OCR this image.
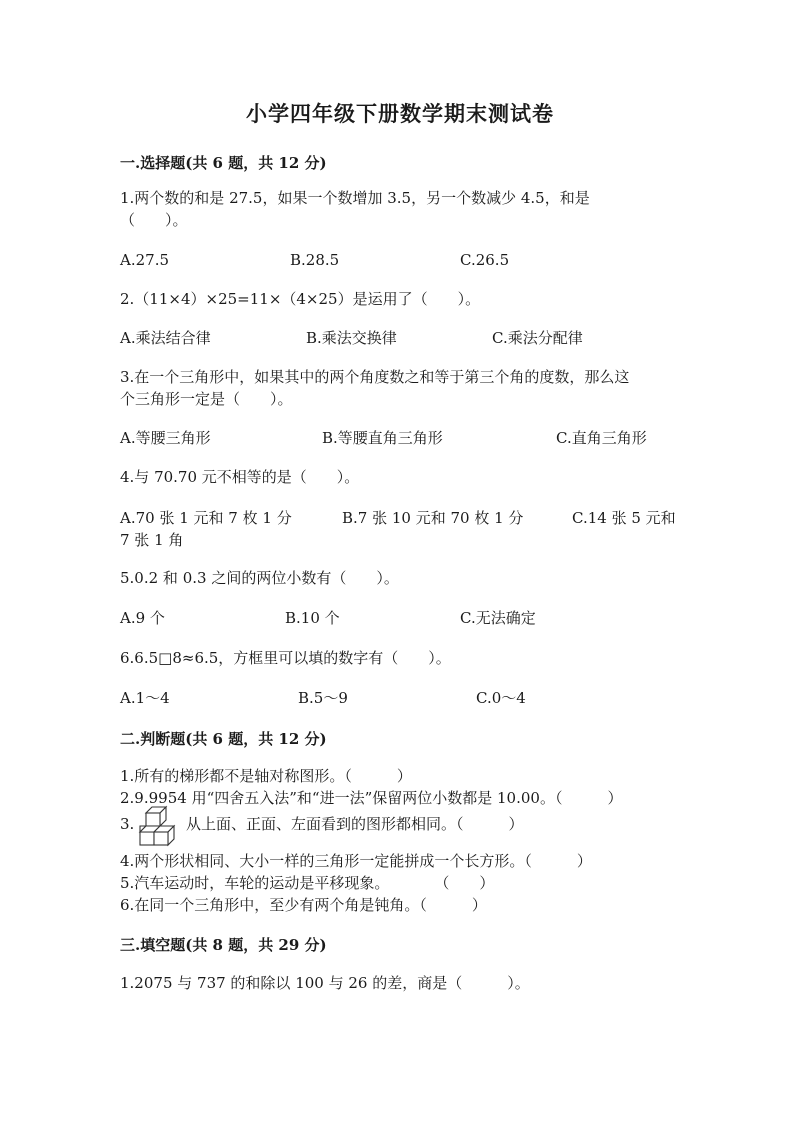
小学四年级下册数学期末测试卷
一.选择题(共 6 题，共 12 分)
1.两个数的和是 27.5，如果一个数增加 3.5，另一个数减少 4.5，和是
（　　）。
A.27.5	B.28.5	C.26.5
2.（11×4）×25=11×（4×25）是运用了（　　）。
A.乘法结合律	B.乘法交换律	C.乘法分配律
3.在一个三角形中，如果其中的两个角度数之和等于第三个角的度数，那么这
个三角形一定是（　　）。
A.等腰三角形	B.等腰直角三角形	C.直角三角形
4.与 70.70 元不相等的是（　　）。
A.70 张 1 元和 7 枚 1 分	B.7 张 10 元和 70 枚 1 分	C.14 张 5 元和
7 张 1 角
5.0.2 和 0.3 之间的两位小数有（　　）。
A.9 个	B.10 个	C.无法确定
6.6.5□8≈6.5，方框里可以填的数字有（　　）。
A.1～4	B.5～9	C.0～4
二.判断题(共 6 题，共 12 分)
1.所有的梯形都不是轴对称图形。（　　　）
2.9.9954 用“四舍五入法”和“进一法”保留两位小数都是 10.00。（　　　）
3.	从上面、正面、左面看到的图形都相同。（　　　）
4.两个形状相同、大小一样的三角形一定能拼成一个长方形。（　　　）
5.汽车运动时，车轮的运动是平移现象。　　　　（　　）
6.在同一个三角形中，至少有两个角是钝角。（　　　）
三.填空题(共 8 题，共 29 分)
1.2075 与 737 的和除以 100 与 26 的差，商是（　　　）。
